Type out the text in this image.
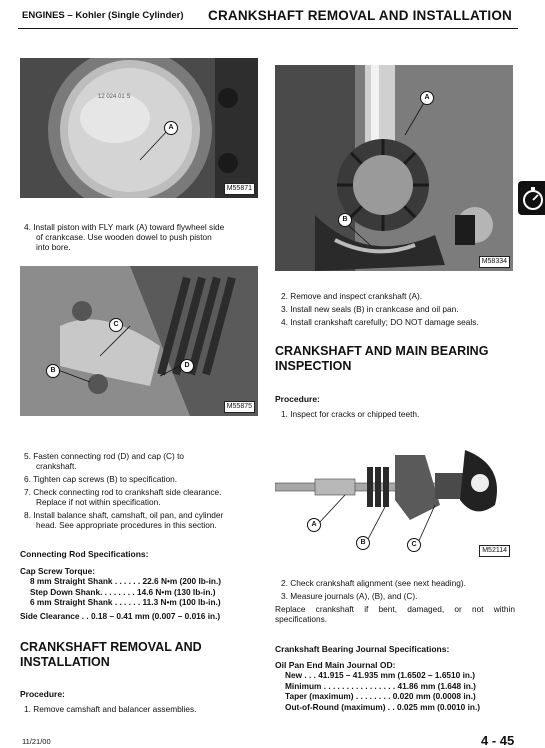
ENGINES – Kohler (Single Cylinder) CRANKSHAFT REMOVAL AND INSTALLATION
12 024 01 S
A
M55871
4. Install piston with FLY mark (A) toward flywheel side
of crankcase. Use wooden dowel to push piston
into bore.
C
B
D
M55875
5. Fasten connecting rod (D) and cap (C) to
crankshaft.
6. Tighten cap screws (B) to specification.
7. Check connecting rod to crankshaft side clearance.
Replace if not within specification.
8. Install balance shaft, camshaft, oil pan, and cylinder
head. See appropriate procedures in this section.
Connecting Rod Specifications:
Cap Screw Torque:
8 mm Straight Shank . . . . . . 22.6 N•m (200 lb-in.)
Step Down Shank. . . . . . . . 14.6 N•m (130 lb-in.)
6 mm Straight Shank . . . . . . 11.3 N•m (100 lb-in.)
Side Clearance . . 0.18 – 0.41 mm (0.007 – 0.016 in.)
CRANKSHAFT REMOVAL AND
INSTALLATION
Procedure:
1. Remove camshaft and balancer assemblies.
A
B
M58334
2. Remove and inspect crankshaft (A).
3. Install new seals (B) in crankcase and oil pan.
4. Install crankshaft carefully; DO NOT damage seals.
CRANKSHAFT AND MAIN BEARING
INSPECTION
Procedure:
1. Inspect for cracks or chipped teeth.
A
B	C
M52114
2. Check crankshaft alignment (see next heading).
3. Measure journals (A), (B), and (C).
Replace crankshaft if bent, damaged, or not within
specifications.
Crankshaft Bearing Journal Specifications:
Oil Pan End Main Journal OD:
New . . . 41.915 – 41.935 mm (1.6502 – 1.6510 in.)
Minimum . . . . . . . . . . . . . . . . 41.86 mm (1.648 in.)
Taper (maximum) . . . . . . . . 0.020 mm (0.0008 in.)
Out-of-Round (maximum) . . 0.025 mm (0.0010 in.)
11/21/00	4 - 45
